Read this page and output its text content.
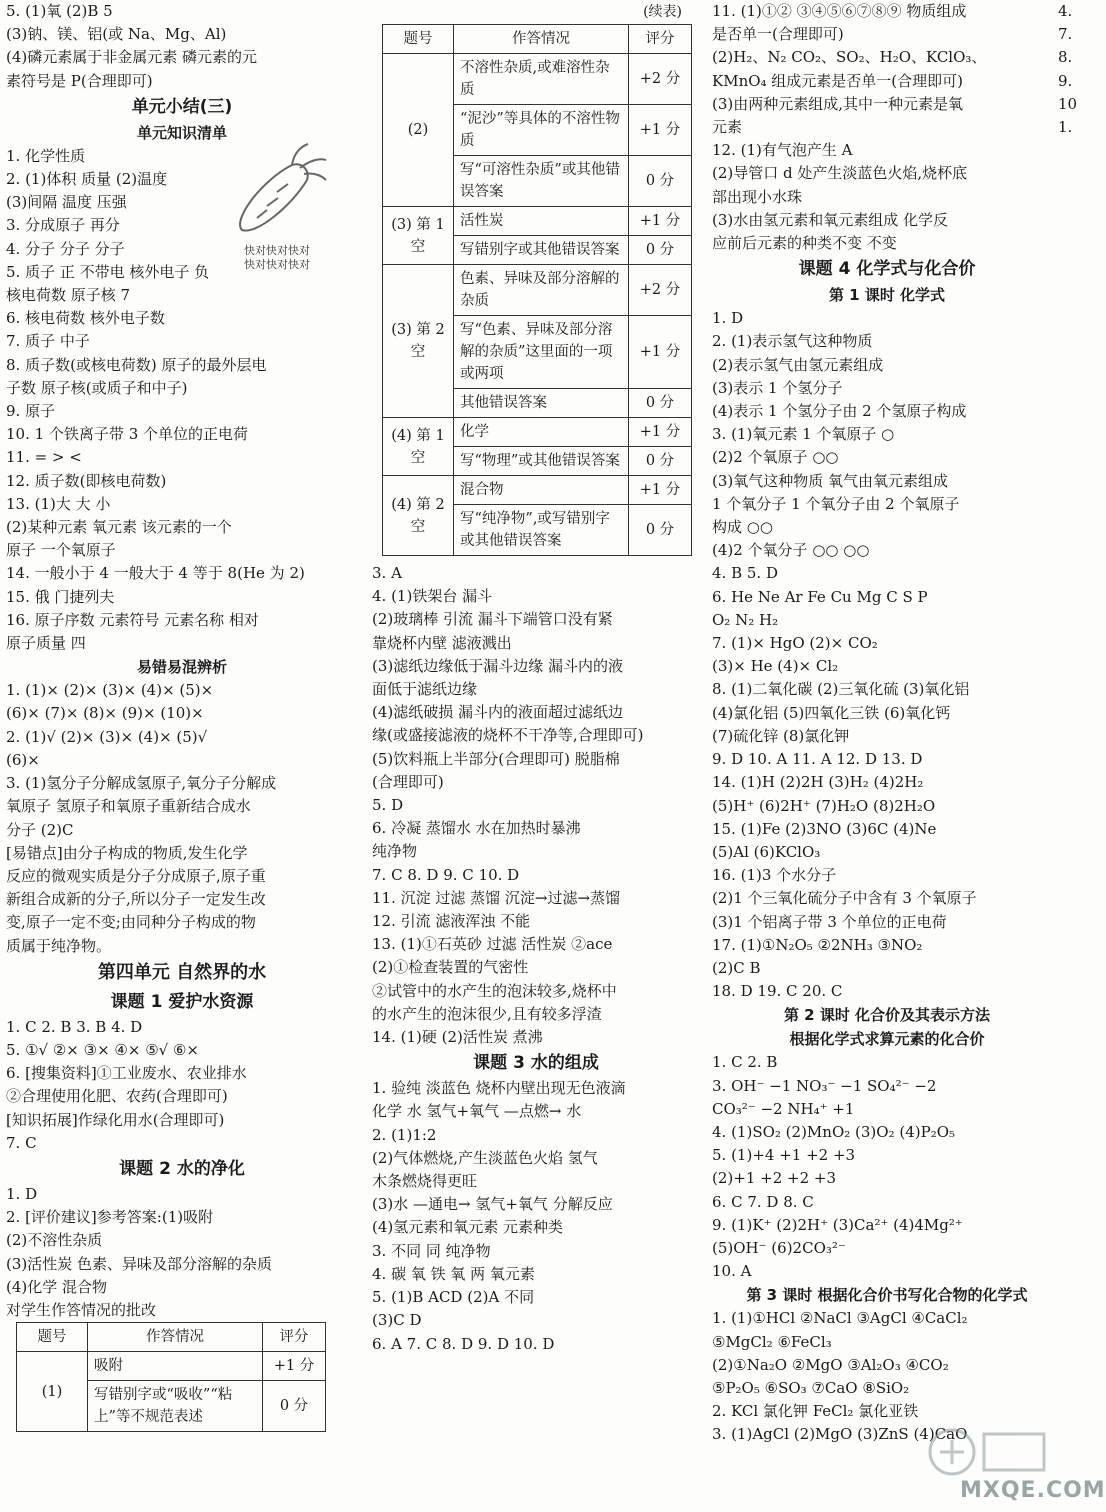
5. (1)氧 (2)B 5
(3)钠、镁、铝(或 Na、Mg、Al)
(4)磷元素属于非金属元素 磷元素的元
素符号是 P(合理即可)
单元小结(三)
单元知识清单
1. 化学性质
2. (1)体积 质量 (2)温度
(3)间隔 温度 压强
3. 分成原子 再分
4. 分子 分子 分子
5. 质子 正 不带电 核外电子 负
核电荷数 原子核 7
6. 核电荷数 核外电子数
7. 质子 中子
8. 质子数(或核电荷数) 原子的最外层电
子数 原子核(或质子和中子)
9. 原子
10. 1 个铁离子带 3 个单位的正电荷
11. = > <
12. 质子数(即核电荷数)
13. (1)大 大 小
(2)某种元素 氧元素 该元素的一个
原子 一个氧原子
14. 一般小于 4 一般大于 4 等于 8(He 为 2)
15. 俄 门捷列夫
16. 原子序数 元素符号 元素名称 相对
原子质量 四
易错易混辨析
1. (1)× (2)× (3)× (4)× (5)×
(6)× (7)× (8)× (9)× (10)×
2. (1)√ (2)× (3)× (4)× (5)√
(6)×
3. (1)氢分子分解成氢原子,氧分子分解成
氧原子 氢原子和氧原子重新结合成水
分子 (2)C
[易错点]由分子构成的物质,发生化学
反应的微观实质是分子分成原子,原子重
新组合成新的分子,所以分子一定发生改
变,原子一定不变;由同种分子构成的物
质属于纯净物。
第四单元 自然界的水
课题 1 爱护水资源
1. C 2. B 3. B 4. D
5. ①√ ②× ③× ④× ⑤√ ⑥×
6. [搜集资料]①工业废水、农业排水
②合理使用化肥、农药(合理即可)
[知识拓展]作绿化用水(合理即可)
7. C
课题 2 水的净化
1. D
2. [评价建议]参考答案:(1)吸附
(2)不溶性杂质
(3)活性炭 色素、异味及部分溶解的杂质
(4)化学 混合物
对学生作答情况的批改
题号	作答情况	评分
(1)	吸附	+1 分
	写错别字或“吸收”“粘上”等不规范表述	0 分
(续表)
题号	作答情况	评分
(2)	不溶性杂质,或难溶性杂质	+2 分
	“泥沙”等具体的不溶性物质	+1 分
	写“可溶性杂质”或其他错误答案	0 分
(3) 第 1 空	活性炭	+1 分
	写错别字或其他错误答案	0 分
(3) 第 2 空	色素、异味及部分溶解的杂质	+2 分
	写“色素、异味及部分溶解的杂质”这里面的一项或两项	+1 分
	其他错误答案	0 分
(4) 第 1 空	化学	+1 分
	写“物理”或其他错误答案	0 分
(4) 第 2 空	混合物	+1 分
	写“纯净物”,或写错别字或其他错误答案	0 分
3. A
4. (1)铁架台 漏斗
(2)玻璃棒 引流 漏斗下端管口没有紧
靠烧杯内壁 滤液溅出
(3)滤纸边缘低于漏斗边缘 漏斗内的液
面低于滤纸边缘
(4)滤纸破损 漏斗内的液面超过滤纸边
缘(或盛接滤液的烧杯不干净等,合理即可)
(5)饮料瓶上半部分(合理即可) 脱脂棉
(合理即可)
5. D
6. 冷凝 蒸馏水 水在加热时暴沸
纯净物
7. C 8. D 9. C 10. D
11. 沉淀 过滤 蒸馏 沉淀→过滤→蒸馏
12. 引流 滤液浑浊 不能
13. (1)①石英砂 过滤 活性炭 ②ace
(2)①检查装置的气密性
②试管中的水产生的泡沫较多,烧杯中
的水产生的泡沫很少,且有较多浮渣
14. (1)硬 (2)活性炭 煮沸
课题 3 水的组成
1. 验纯 淡蓝色 烧杯内壁出现无色液滴
化学 水 氢气+氧气 —点燃→ 水
2. (1)1:2
(2)气体燃烧,产生淡蓝色火焰 氢气
木条燃烧得更旺
(3)水 —通电→ 氢气+氧气 分解反应
(4)氢元素和氧元素 元素种类
3. 不同 同 纯净物
4. 碳 氧 铁 氧 两 氧元素
5. (1)B ACD (2)A 不同
(3)C D
6. A 7. C 8. D 9. D 10. D
11. (1)①② ③④⑤⑥⑦⑧⑨ 物质组成
是否单一(合理即可)
(2)H₂、N₂ CO₂、SO₂、H₂O、KClO₃、
KMnO₄ 组成元素是否单一(合理即可)
(3)由两种元素组成,其中一种元素是氧
元素
12. (1)有气泡产生 A
(2)导管口 d 处产生淡蓝色火焰,烧杯底
部出现小水珠
(3)水由氢元素和氧元素组成 化学反
应前后元素的种类不变 不变
课题 4 化学式与化合价
第 1 课时 化学式
1. D
2. (1)表示氢气这种物质
(2)表示氢气由氢元素组成
(3)表示 1 个氢分子
(4)表示 1 个氢分子由 2 个氢原子构成
3. (1)氧元素 1 个氧原子 ○
(2)2 个氧原子 ○○
(3)氧气这种物质 氧气由氧元素组成
1 个氧分子 1 个氧分子由 2 个氧原子
构成 ○○
(4)2 个氧分子 ○○ ○○
4. B 5. D
6. He Ne Ar Fe Cu Mg C S P
O₂ N₂ H₂
7. (1)× HgO (2)× CO₂
(3)× He (4)× Cl₂
8. (1)二氧化碳 (2)三氧化硫 (3)氧化铝
(4)氯化铝 (5)四氧化三铁 (6)氧化钙
(7)硫化锌 (8)氯化钾
9. D 10. A 11. A 12. D 13. D
14. (1)H (2)2H (3)H₂ (4)2H₂
(5)H⁺ (6)2H⁺ (7)H₂O (8)2H₂O
15. (1)Fe (2)3NO (3)6C (4)Ne
(5)Al (6)KClO₃
16. (1)3 个水分子
(2)1 个三氧化硫分子中含有 3 个氧原子
(3)1 个铝离子带 3 个单位的正电荷
17. (1)①N₂O₅ ②2NH₃ ③NO₂
(2)C B
18. D 19. C 20. C
第 2 课时 化合价及其表示方法
根据化学式求算元素的化合价
1. C 2. B
3. OH⁻ −1 NO₃⁻ −1 SO₄²⁻ −2
CO₃²⁻ −2 NH₄⁺ +1
4. (1)SO₂ (2)MnO₂ (3)O₂ (4)P₂O₅
5. (1)+4 +1 +2 +3
(2)+1 +2 +2 +3
6. C 7. D 8. C
9. (1)K⁺ (2)2H⁺ (3)Ca²⁺ (4)4Mg²⁺
(5)OH⁻ (6)2CO₃²⁻
10. A
第 3 课时 根据化合价书写化合物的化学式
1. (1)①HCl ②NaCl ③AgCl ④CaCl₂
⑤MgCl₂ ⑥FeCl₃
(2)①Na₂O ②MgO ③Al₂O₃ ④CO₂
⑤P₂O₅ ⑥SO₃ ⑦CaO ⑧SiO₂
2. KCl 氯化钾 FeCl₂ 氯化亚铁
3. (1)AgCl (2)MgO (3)ZnS (4)CaO
4.
7.
8.
9.
10
1.
快对快对快对
快对快对快对
MXQE.COM
